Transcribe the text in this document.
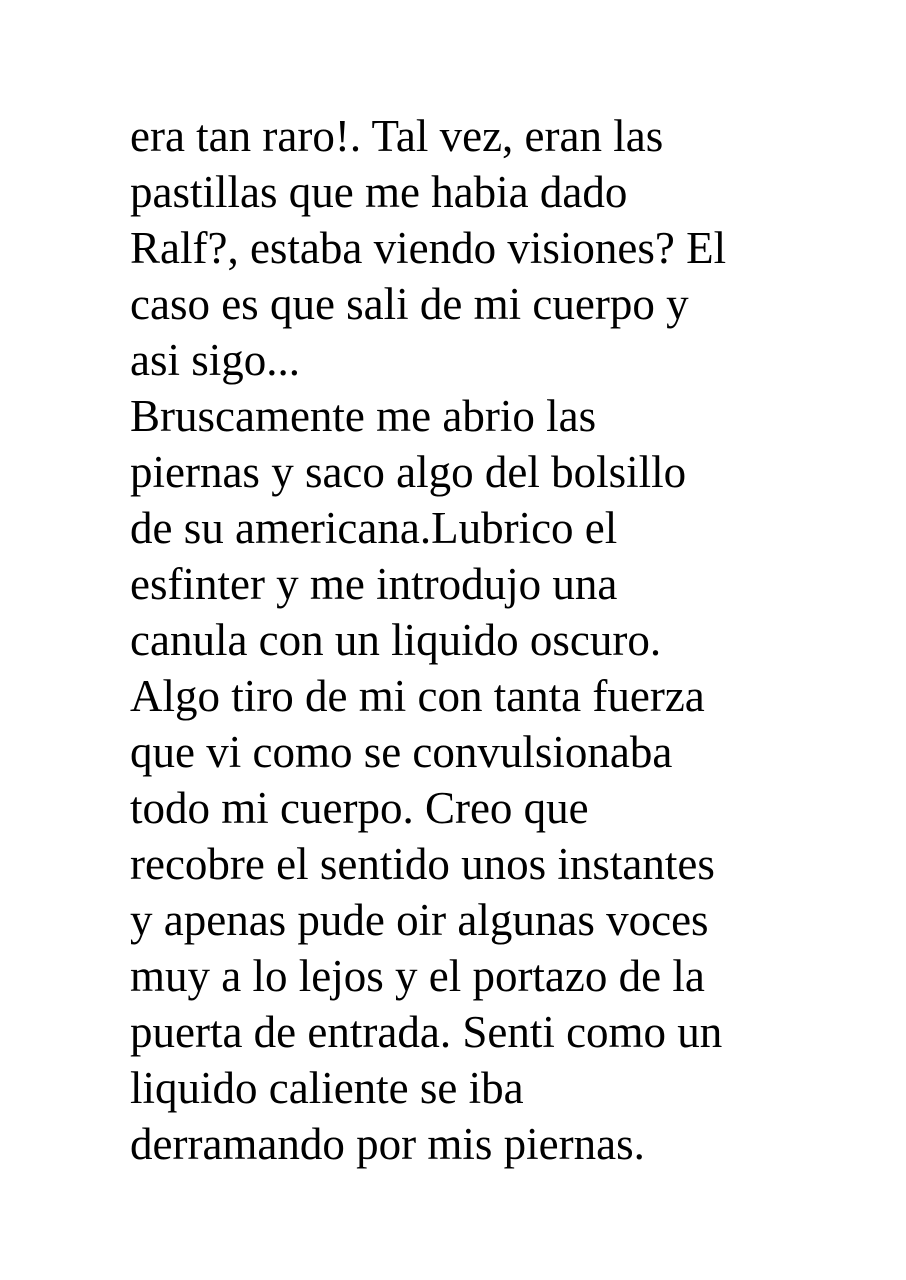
era tan raro!. Tal vez, eran las
pastillas que me habia dado
Ralf?, estaba viendo visiones? El
caso es que sali de mi cuerpo y
asi sigo...
Bruscamente me abrio las
piernas y saco algo del bolsillo
de su americana.Lubrico el
esfinter y me introdujo una
canula con un liquido oscuro.
Algo tiro de mi con tanta fuerza
que vi como se convulsionaba
todo mi cuerpo. Creo que
recobre el sentido unos instantes
y apenas pude oir algunas voces
muy a lo lejos y el portazo de la
puerta de entrada. Senti como un
liquido caliente se iba
derramando por mis piernas.
